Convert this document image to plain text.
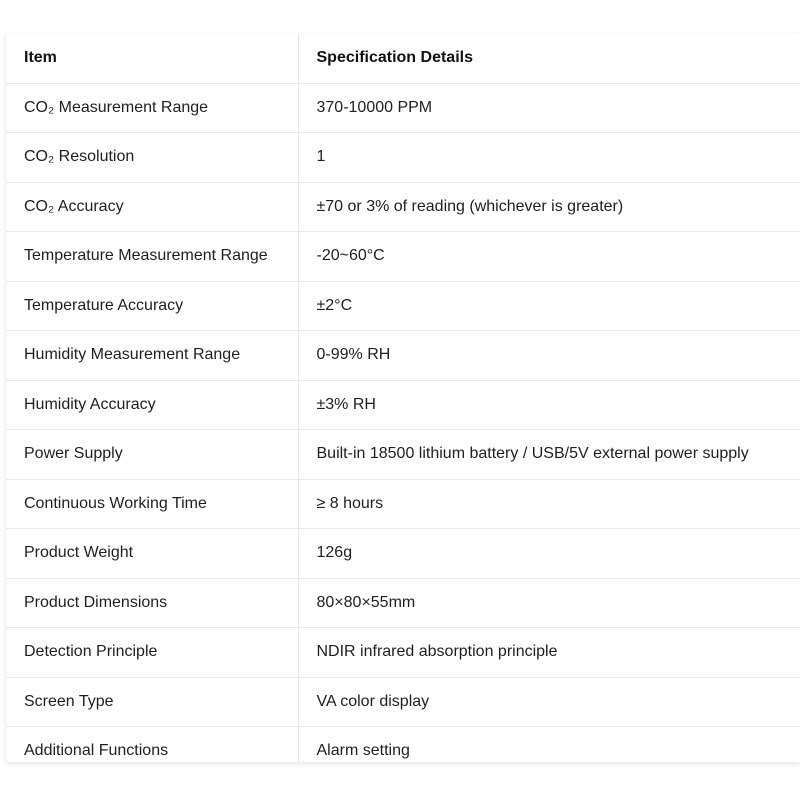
Item	Specification Details
CO₂ Measurement Range	370-10000 PPM
CO₂ Resolution	1
CO₂ Accuracy	±70 or 3% of reading (whichever is greater)
Temperature Measurement Range	-20~60°C
Temperature Accuracy	±2°C
Humidity Measurement Range	0-99% RH
Humidity Accuracy	±3% RH
Power Supply	Built-in 18500 lithium battery / USB/5V external power supply
Continuous Working Time	≥ 8 hours
Product Weight	126g
Product Dimensions	80×80×55mm
Detection Principle	NDIR infrared absorption principle
Screen Type	VA color display
Additional Functions	Alarm setting
